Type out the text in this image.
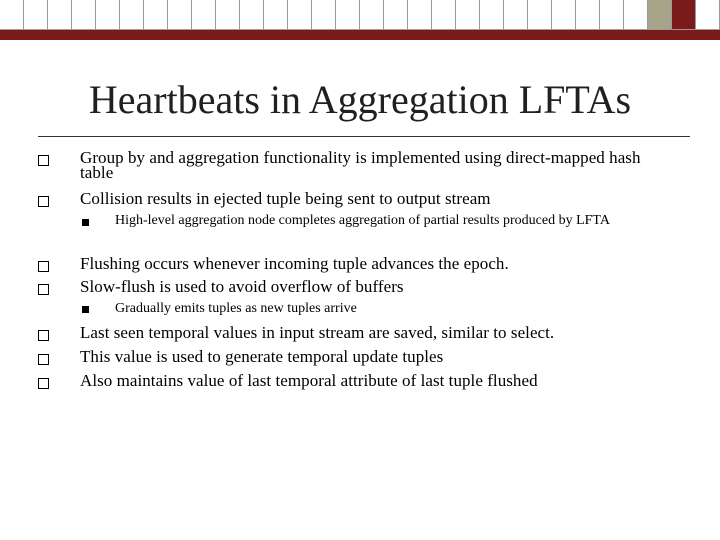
Heartbeats in Aggregation LFTAs
Group by and aggregation functionality is implemented using direct-mapped hash table
Collision results in ejected tuple being sent to output stream
High-level aggregation node completes aggregation of partial results produced by LFTA
Flushing occurs whenever incoming tuple advances the epoch.
Slow-flush is used to avoid overflow of buffers
Gradually emits tuples as new tuples arrive
Last seen temporal values in input stream are saved, similar to select.
This value is used to generate temporal update tuples
Also maintains value of last temporal attribute of last tuple flushed
